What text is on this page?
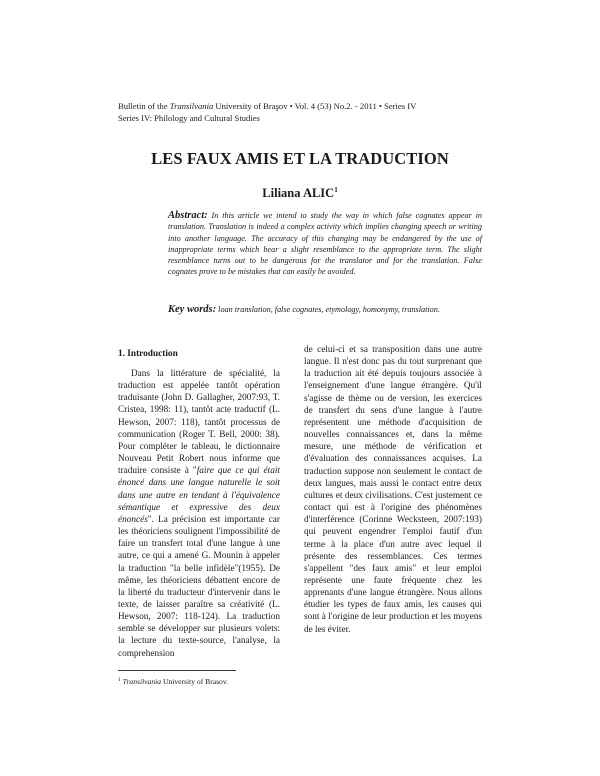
Bulletin of the Transilvania University of Braşov • Vol. 4 (53) No.2. - 2011 • Series IV
Series IV: Philology and Cultural Studies
LES FAUX AMIS ET LA TRADUCTION
Liliana ALIC$^1$
Abstract: In this article we intend to study the way in which false cognates appear in translation. Translation is indeed a complex activity which implies changing speech or writing into another language. The accuracy of this changing may be endangered by the use of inappropriate terms which bear a slight resemblance to the appropriate term. The slight resemblance turns out to be dangerous for the translator and for the translation. False cognates prove to be mistakes that can easily be avoided.
Key words: loan translation, false cognates, etymology, homonymy, translation.
1. Introduction

Dans la littérature de spécialité, la traduction est appelée tantôt opération traduisante (John D. Gallagher, 2007:93, T. Cristea, 1998: 11), tantôt acte traductif (L. Hewson, 2007: 118), tantôt processus de communication (Roger T. Bell, 2000: 38). Pour compléter le tableau, le dictionnaire Nouveau Petit Robert nous informe que traduire consiste à "faire que ce qui était énoncé dans une langue naturelle le soit dans une autre en tendant à l'équivalence sémantique et expressive des deux énoncés". La précision est importante car les théoriciens soulignent l'impossibilité de faire un transfert total d'une langue à une autre, ce qui a amené G. Mounin à appeler la traduction "la belle infidèle"(1955). De même, les théoriciens débattent encore de la liberté du traducteur d'intervenir dans le texte, de laisser paraître sa créativité (L. Hewson, 2007: 118-124). La traduction semble se développer sur plusieurs volets: la lecture du texte-source, l'analyse, la comprehension

de celui-ci et sa transposition dans une autre langue. Il n'est donc pas du tout surprenant que la traduction ait été depuis toujours associée à l'enseignement d'une langue étrangère. Qu'il s'agisse de thème ou de version, les exercices de transfert du sens d'une langue à l'autre représentent une méthode d'acquisition de nouvelles connaissances et, dans la même mesure, une méthode de vérification et d'évaluation des connaissances acquises. La traduction suppose non seulement le contact de deux langues, mais aussi le contact entre deux cultures et deux civilisations. C'est justement ce contact qui est à l'origine des phénomènes d'interférence (Corinne Wecksteen, 2007:193) qui peuvent engendrer l'emploi fautif d'un terme à la place d'un autre avec lequel il présente des ressemblances. Ces termes s'appellent "des faux amis" et leur emploi représente une faute fréquente chez les apprenants d'une langue étrangère. Nous allons étudier les types de faux amis, les causes qui sont à l'origine de leur production et les moyens de les éviter.

$^1$ Transilvania University of Brasov.
